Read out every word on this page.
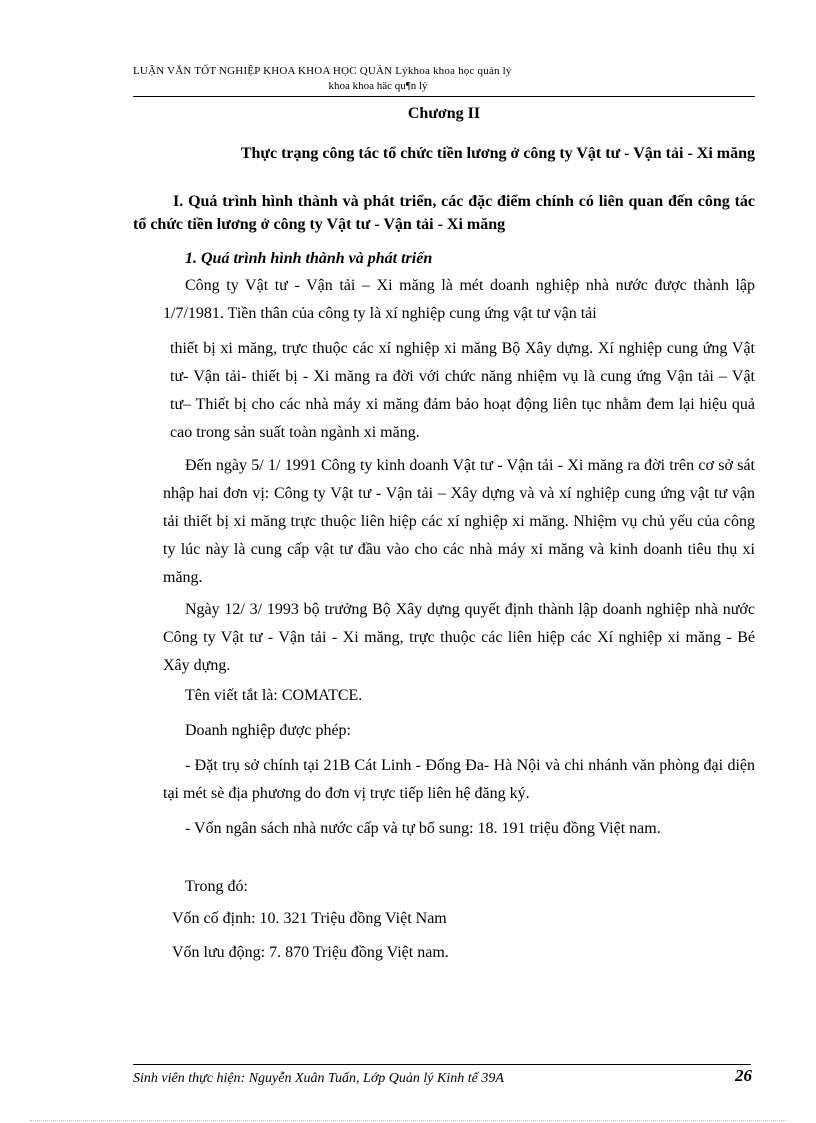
LUẬN VĂN TỐT NGHIỆP KHOA KHOA HỌC QUẢN Lýkhoa khoa học quản lý
khoa khoa häc qu¶n lý
Chương II
Thực trạng công tác tổ chức tiền lương ở công ty Vật tư - Vận tải - Xi măng
I. Quá trình hình thành và phát triển, các đặc điểm chính có liên quan đến công tác tổ chức tiền lương ở công ty Vật tư - Vận tải - Xi măng
1. Quá trình hình thành và phát triển

Công ty Vật tư - Vận tải – Xi măng là mét doanh nghiệp nhà nước được thành lập 1/7/1981. Tiền thân của công ty là xí nghiệp cung ứng vật tư vận tải

thiết bị xi măng, trực thuộc các xí nghiệp xi măng Bộ Xây dựng. Xí nghiệp cung ứng Vật tư- Vận tải- thiết bị - Xi măng ra đời với chức năng nhiệm vụ là cung ứng Vận tải – Vật tư– Thiết bị cho các nhà máy xi măng đảm bảo hoạt động liên tục nhằm đem lại hiệu quả cao trong sản suất toàn ngành xi măng.

Đến ngày 5/ 1/ 1991 Công ty kinh doanh Vật tư - Vận tải - Xi măng ra đời trên cơ sở sát nhập hai đơn vị: Công ty Vật tư - Vận tải – Xây dựng và và xí nghiệp cung ứng vật tư vận tải thiết bị xi măng trực thuộc liên hiệp các xí nghiệp xi măng. Nhiệm vụ chủ yếu của công ty lúc này là cung cấp vật tư đầu vào cho các nhà máy xi măng và kinh doanh tiêu thụ xi măng.

Ngày 12/ 3/ 1993 bộ trưởng Bộ Xây dựng quyết định thành lập doanh nghiệp nhà nước Công ty Vật tư - Vận tải - Xi măng, trực thuộc các liên hiệp các Xí nghiệp xi măng - Bé Xây dựng.

Tên viết tắt là: COMATCE.
Doanh nghiệp được phép:

- Đặt trụ sở chính tại 21B Cát Linh - Đống Đa- Hà Nội và chi nhánh văn phòng đại diện tại mét sè địa phương do đơn vị trực tiếp liên hệ đăng ký.

- Vốn ngân sách nhà nước cấp và tự bổ sung: 18. 191 triệu đồng Việt nam.

Trong đó:
Vốn cố định: 10. 321 Triệu đồng Việt Nam
Vốn lưu động: 7. 870 Triệu đồng Việt nam.
Sinh viên thực hiện: Nguyễn Xuân Tuấn, Lớp Quản lý Kinh tế 39A	26
